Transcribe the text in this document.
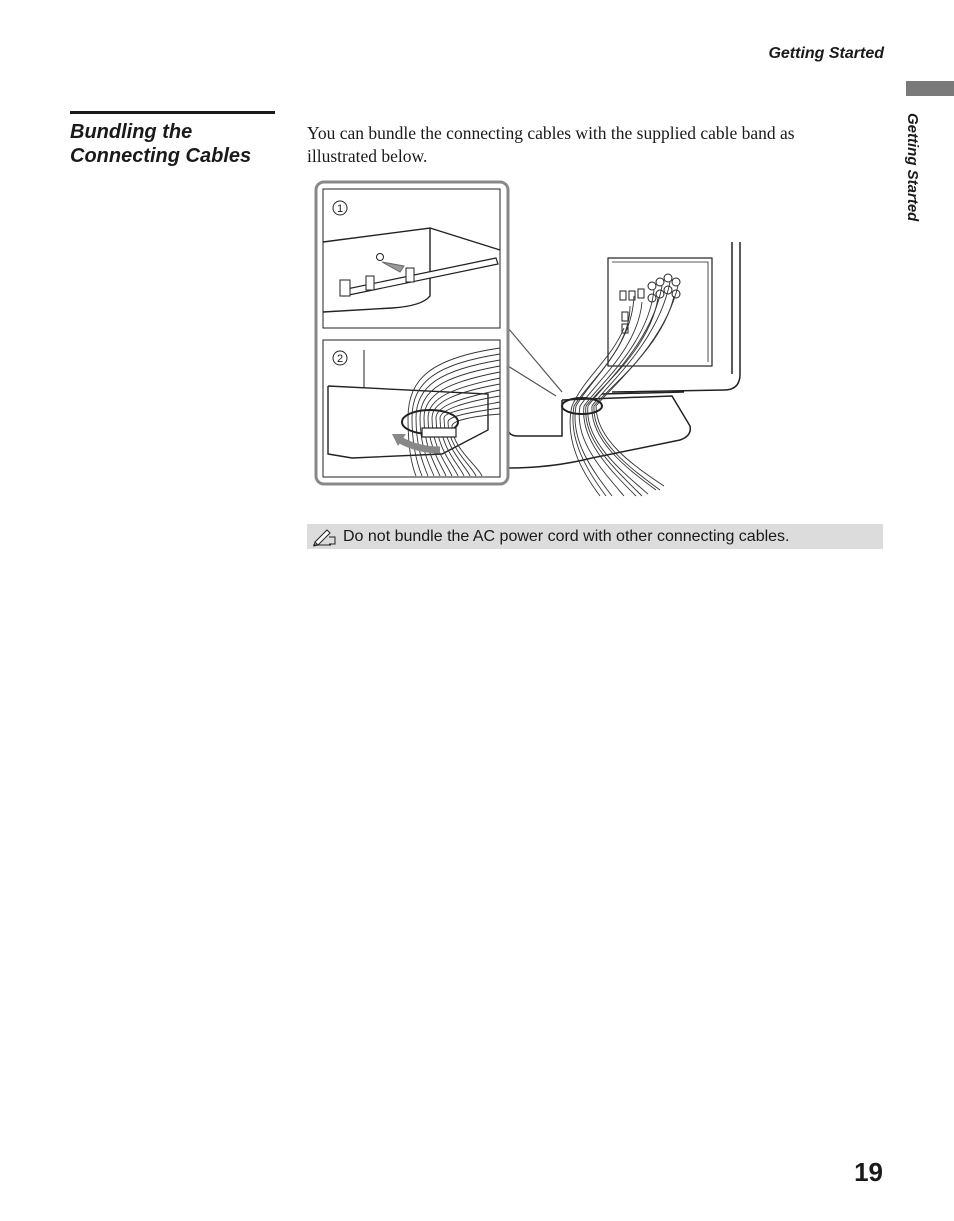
Getting Started
Getting Started
Bundling the
Connecting Cables

You can bundle the connecting cables with the supplied cable band as illustrated below.

1
2
Do not bundle the AC power cord with other connecting cables.
19
